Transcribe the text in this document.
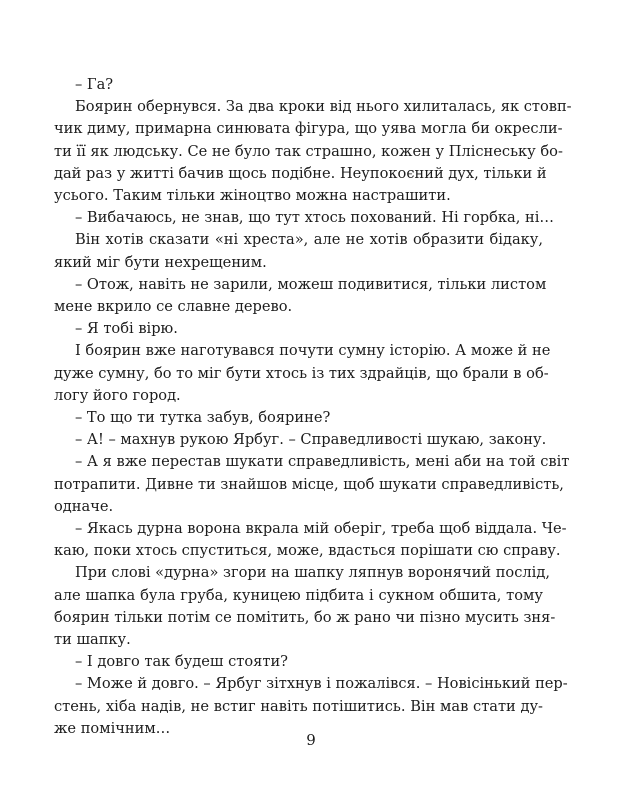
– Га?
Боярин обернувся. За два кроки від нього хилиталась, як стовп-
чик диму, примарна синювата фігура, що уява могла би окресли-
ти її як людську. Се не було так страшно, кожен у Пліснеську бо-
дай раз у житті бачив щось подібне. Неупокоєний дух, тільки й
усього. Таким тільки жіноцтво можна настрашити.
– Вибачаюсь, не знав, що тут хтось похований. Ні горбка, ні…
Він хотів сказати «ні хреста», але не хотів образити бідаку,
який міг бути нехрещеним.
– Отож, навіть не зарили, можеш подивитися, тільки листом
мене вкрило се славне дерево.
– Я тобі вірю.
І боярин вже наготувався почути сумну історію. А може й не
дуже сумну, бо то міг бути хтось із тих здрайців, що брали в об-
логу його город.
– То що ти тутка забув, боярине?
– А! – махнув рукою Ярбуг. – Справедливості шукаю, закону.
– А я вже перестав шукати справедливість, мені аби на той світ
потрапити. Дивне ти знайшов місце, щоб шукати справедливість,
одначе.
– Якась дурна ворона вкрала мій оберіг, треба щоб віддала. Че-
каю, поки хтось спуститься, може, вдасться порішати сю справу.
При слові «дурна» згори на шапку ляпнув воронячий послід,
але шапка була груба, куницею підбита і сукном обшита, тому
боярин тільки потім се помітить, бо ж рано чи пізно мусить зня-
ти шапку.
– І довго так будеш стояти?
– Може й довго. – Ярбуг зітхнув і пожалівся. – Новісінький пер-
стень, хіба надів, не встиг навіть потішитись. Він мав стати ду-
же помічним…
9
